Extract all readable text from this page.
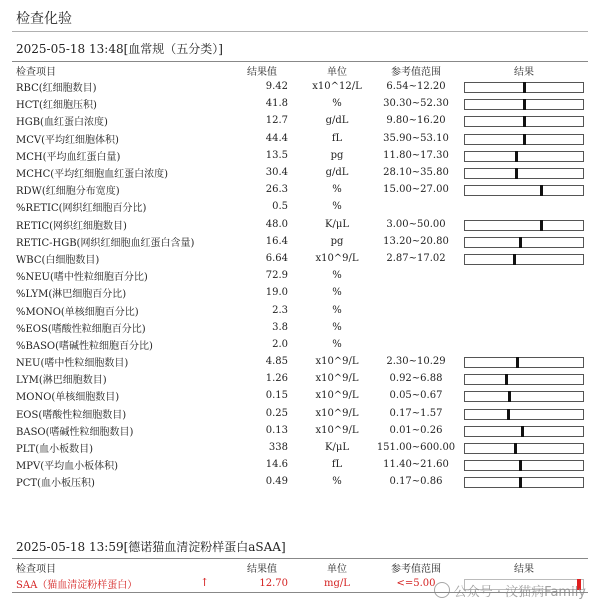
检查化验
2025-05-18 13:48[血常规（五分类）]
检查项目	结果值	单位	参考值范围	结果
RBC(红细胞数目)	9.42	x10^12/L	6.54~12.20	

HCT(红细胞压积)	41.8	%	30.30~52.30	

HGB(血红蛋白浓度)	12.7	g/dL	9.80~16.20	

MCV(平均红细胞体积)	44.4	fL	35.90~53.10	

MCH(平均血红蛋白量)	13.5	pg	11.80~17.30	

MCHC(平均红细胞血红蛋白浓度)	30.4	g/dL	28.10~35.80	

RDW(红细胞分布宽度)	26.3	%	15.00~27.00	

%RETIC(网织红细胞百分比)	0.5	%		
RETIC(网织红细胞数目)	48.0	K/μL	3.00~50.00	

RETIC-HGB(网织红细胞血红蛋白含量)	16.4	pg	13.20~20.80	

WBC(白细胞数目)	6.64	x10^9/L	2.87~17.02	

%NEU(嗜中性粒细胞百分比)	72.9	%		
%LYM(淋巴细胞百分比)	19.0	%		
%MONO(单核细胞百分比)	2.3	%		
%EOS(嗜酸性粒细胞百分比)	3.8	%		
%BASO(嗜碱性粒细胞百分比)	2.0	%		
NEU(嗜中性粒细胞数目)	4.85	x10^9/L	2.30~10.29	

LYM(淋巴细胞数目)	1.26	x10^9/L	0.92~6.88	

MONO(单核细胞数目)	0.15	x10^9/L	0.05~0.67	

EOS(嗜酸性粒细胞数目)	0.25	x10^9/L	0.17~1.57	

BASO(嗜碱性粒细胞数目)	0.13	x10^9/L	0.01~0.26	

PLT(血小板数目)	338	K/μL	151.00~600.00	

MPV(平均血小板体积)	14.6	fL	11.40~21.60	

PCT(血小板压积)	0.49	%	0.17~0.86	
2025-05-18 13:59[德诺猫血清淀粉样蛋白aSAA]
检查项目	结果值	单位	参考值范围	结果
SAA（猫血清淀粉样蛋白）	↑ 12.70	mg/L	<=5.00	
公众号 · 汶猫病Family
